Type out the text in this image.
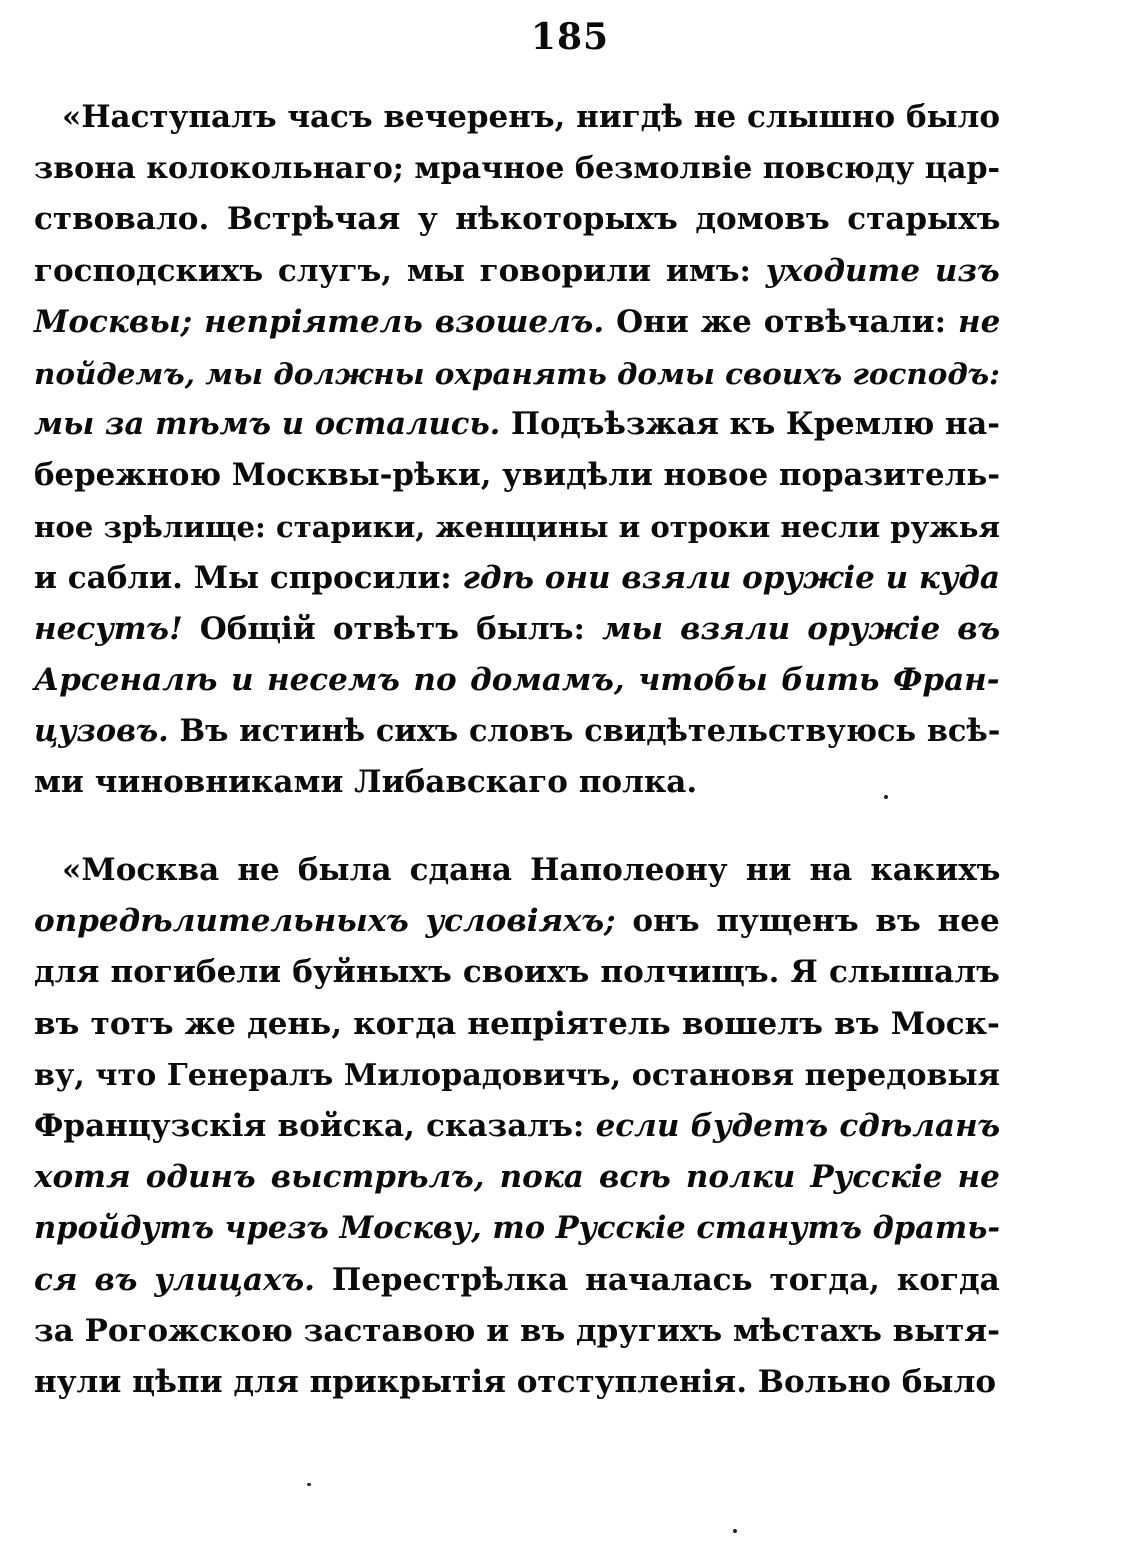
185
«Наступалъ часъ вечеренъ, нигдѣ не слышно было
звона колокольнаго; мрачное безмолвіе повсюду цар-
ствовало. Встрѣчая у нѣкоторыхъ домовъ старыхъ
господскихъ слугъ, мы говорили имъ: уходите изъ
Москвы; непріятель взошелъ. Они же отвѣчали: не
пойдемъ, мы должны охранять домы своихъ господъ:
мы за тѣмъ и остались. Подъѣзжая къ Кремлю на-
бережною Москвы-рѣки, увидѣли новое поразитель-
ное зрѣлище: старики, женщины и отроки несли ружья
и сабли. Мы спросили: гдѣ они взяли оружіе и куда
несутъ! Общій отвѣтъ былъ: мы взяли оружіе въ
Арсеналѣ и несемъ по домамъ, чтобы бить Фран-
цузовъ. Въ истинѣ сихъ словъ свидѣтельствуюсь всѣ-
ми чиновниками Либавскаго полка.
«Москва не была сдана Наполеону ни на какихъ
опредѣлительныхъ условіяхъ; онъ пущенъ въ нее
для погибели буйныхъ своихъ полчищъ. Я слышалъ
въ тотъ же день, когда непріятель вошелъ въ Моск-
ву, что Генералъ Милорадовичъ, остановя передовыя
Французскія войска, сказалъ: если будетъ сдѣланъ
хотя одинъ выстрѣлъ, пока всѣ полки Русскіе не
пройдутъ чрезъ Москву, то Русскіе станутъ драть-
ся въ улицахъ. Перестрѣлка началась тогда, когда
за Рогожскою заставою и въ другихъ мѣстахъ вытя-
нули цѣпи для прикрытія отступленія. Вольно было
